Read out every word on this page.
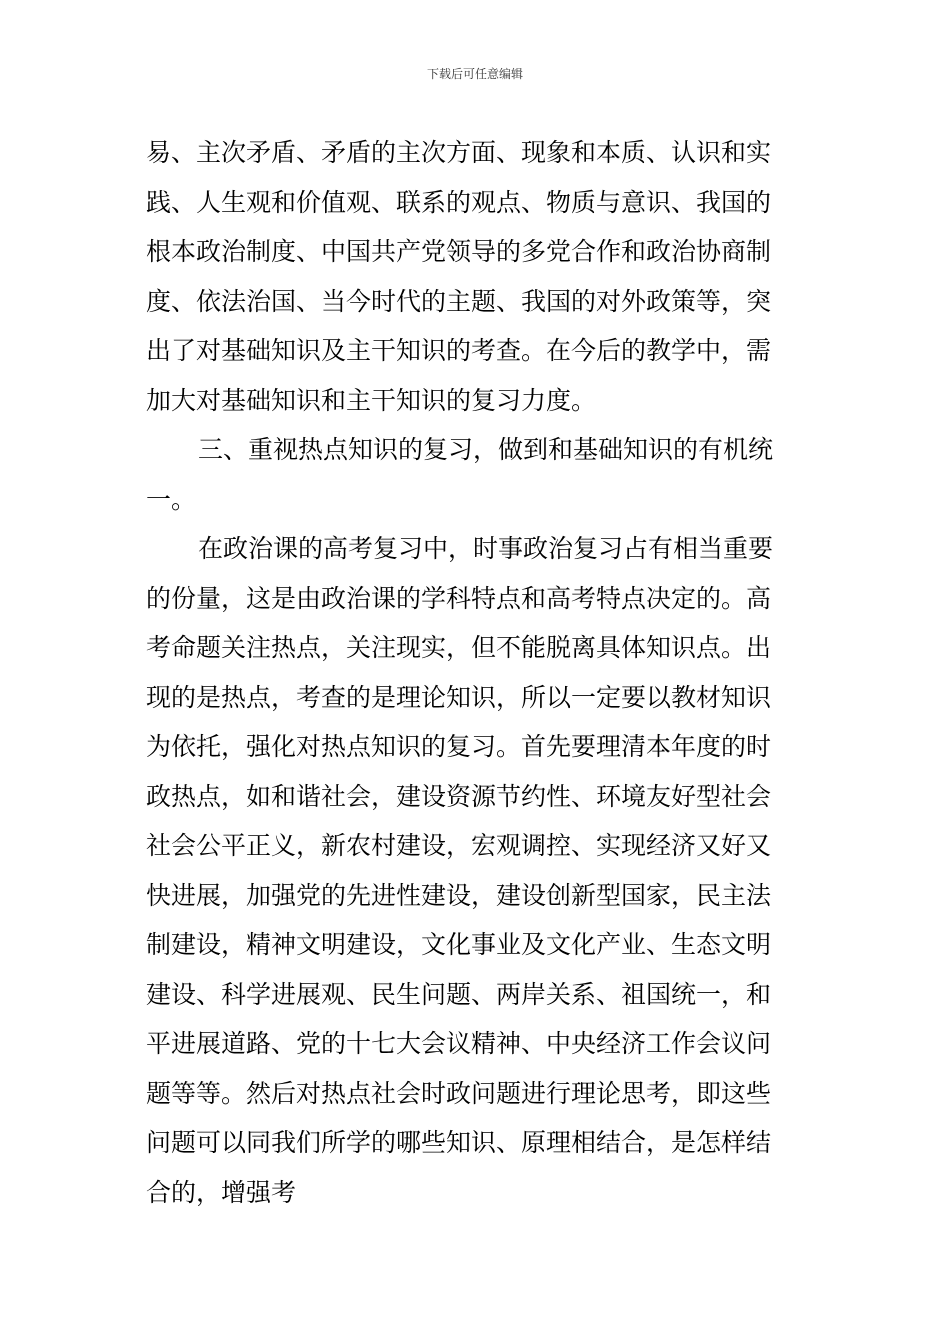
下载后可任意编辑
易、主次矛盾、矛盾的主次方面、现象和本质、认识和实
践、人生观和价值观、联系的观点、物质与意识、我国的
根本政治制度、中国共产党领导的多党合作和政治协商制
度、依法治国、当今时代的主题、我国的对外政策等，突
出了对基础知识及主干知识的考查。在今后的教学中，需
加大对基础知识和主干知识的复习力度。
三、重视热点知识的复习，做到和基础知识的有机统
一。
在政治课的高考复习中，时事政治复习占有相当重要
的份量，这是由政治课的学科特点和高考特点决定的。高
考命题关注热点，关注现实，但不能脱离具体知识点。出
现的是热点，考查的是理论知识，所以一定要以教材知识
为依托，强化对热点知识的复习。首先要理清本年度的时
政热点，如和谐社会，建设资源节约性、环境友好型社会
社会公平正义，新农村建设，宏观调控、实现经济又好又
快进展，加强党的先进性建设，建设创新型国家，民主法
制建设，精神文明建设，文化事业及文化产业、生态文明
建设、科学进展观、民生问题、两岸关系、祖国统一，和
平进展道路、党的十七大会议精神、中央经济工作会议问
题等等。然后对热点社会时政问题进行理论思考，即这些
问题可以同我们所学的哪些知识、原理相结合，是怎样结
合的，增强考
